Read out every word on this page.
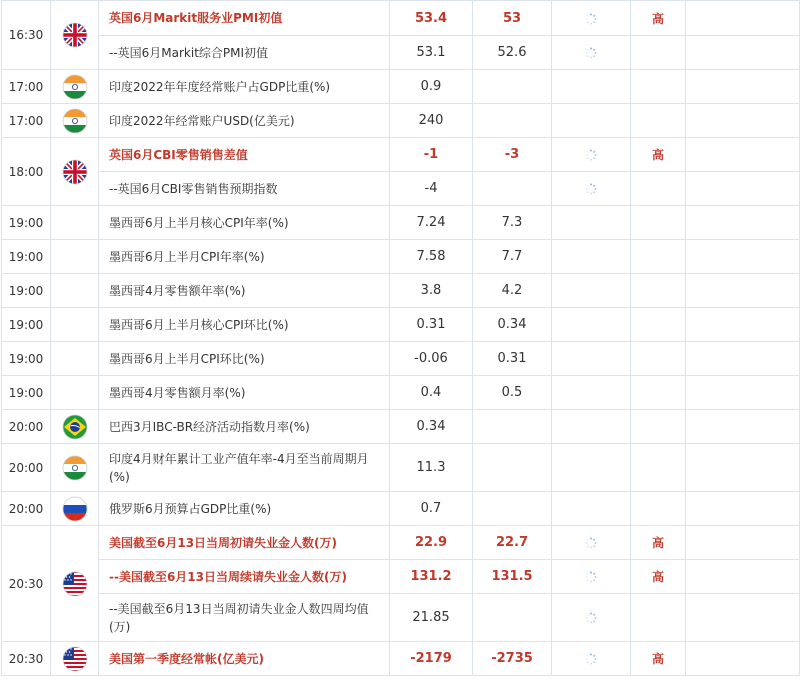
16:30		英国6月Markit服务业PMI初值	53.4	53		高	
		--英国6月Markit综合PMI初值	53.1	52.6	

17:00		印度2022年年度经常账户占GDP比重(%)	0.9				
17:00		印度2022年经常账户USD(亿美元)	240				
18:00		英国6月CBI零售销售差值	-1	-3		高	
		--英国6月CBI零售销售预期指数	-4		

19:00		墨西哥6月上半月核心CPI年率(%)	7.24	7.3			
19:00		墨西哥6月上半月CPI年率(%)	7.58	7.7			
19:00		墨西哥4月零售额年率(%)	3.8	4.2			
19:00		墨西哥6月上半月核心CPI环比(%)	0.31	0.34			
19:00		墨西哥6月上半月CPI环比(%)	-0.06	0.31			
19:00		墨西哥4月零售额月率(%)	0.4	0.5			
20:00		巴西3月IBC-BR经济活动指数月率(%)	0.34				
20:00		印度4月财年累计工业产值年率-4月至当前周期月(%)	11.3				
20:00		俄罗斯6月预算占GDP比重(%)	0.7				
20:30		美国截至6月13日当周初请失业金人数(万)	22.9	22.7		高	
		--美国截至6月13日当周续请失业金人数(万)	131.2	131.5		高	
		--美国截至6月13日当周初请失业金人数四周均值(万)	21.85		

20:30		美国第一季度经常帐(亿美元)	-2179	-2735		高	
